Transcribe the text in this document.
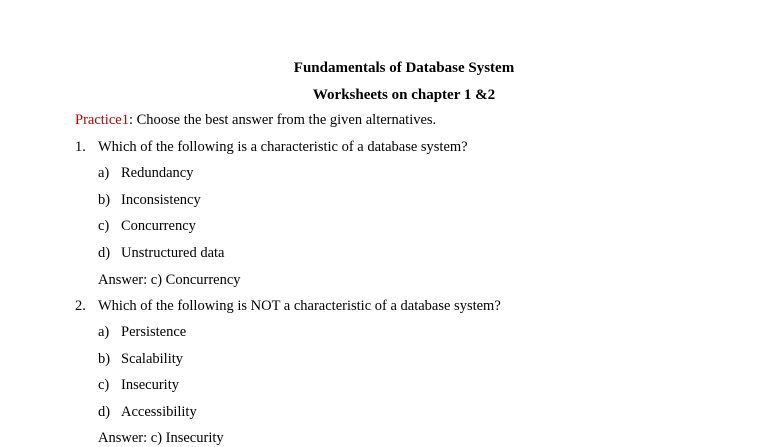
Fundamentals of Database System
Worksheets on chapter 1 &2
Practice1: Choose the best answer from the given alternatives.
1. Which of the following is a characteristic of a database system?
a) Redundancy
b) Inconsistency
c) Concurrency
d) Unstructured data
Answer: c) Concurrency
2. Which of the following is NOT a characteristic of a database system?
a) Persistence
b) Scalability
c) Insecurity
d) Accessibility
Answer: c) Insecurity
